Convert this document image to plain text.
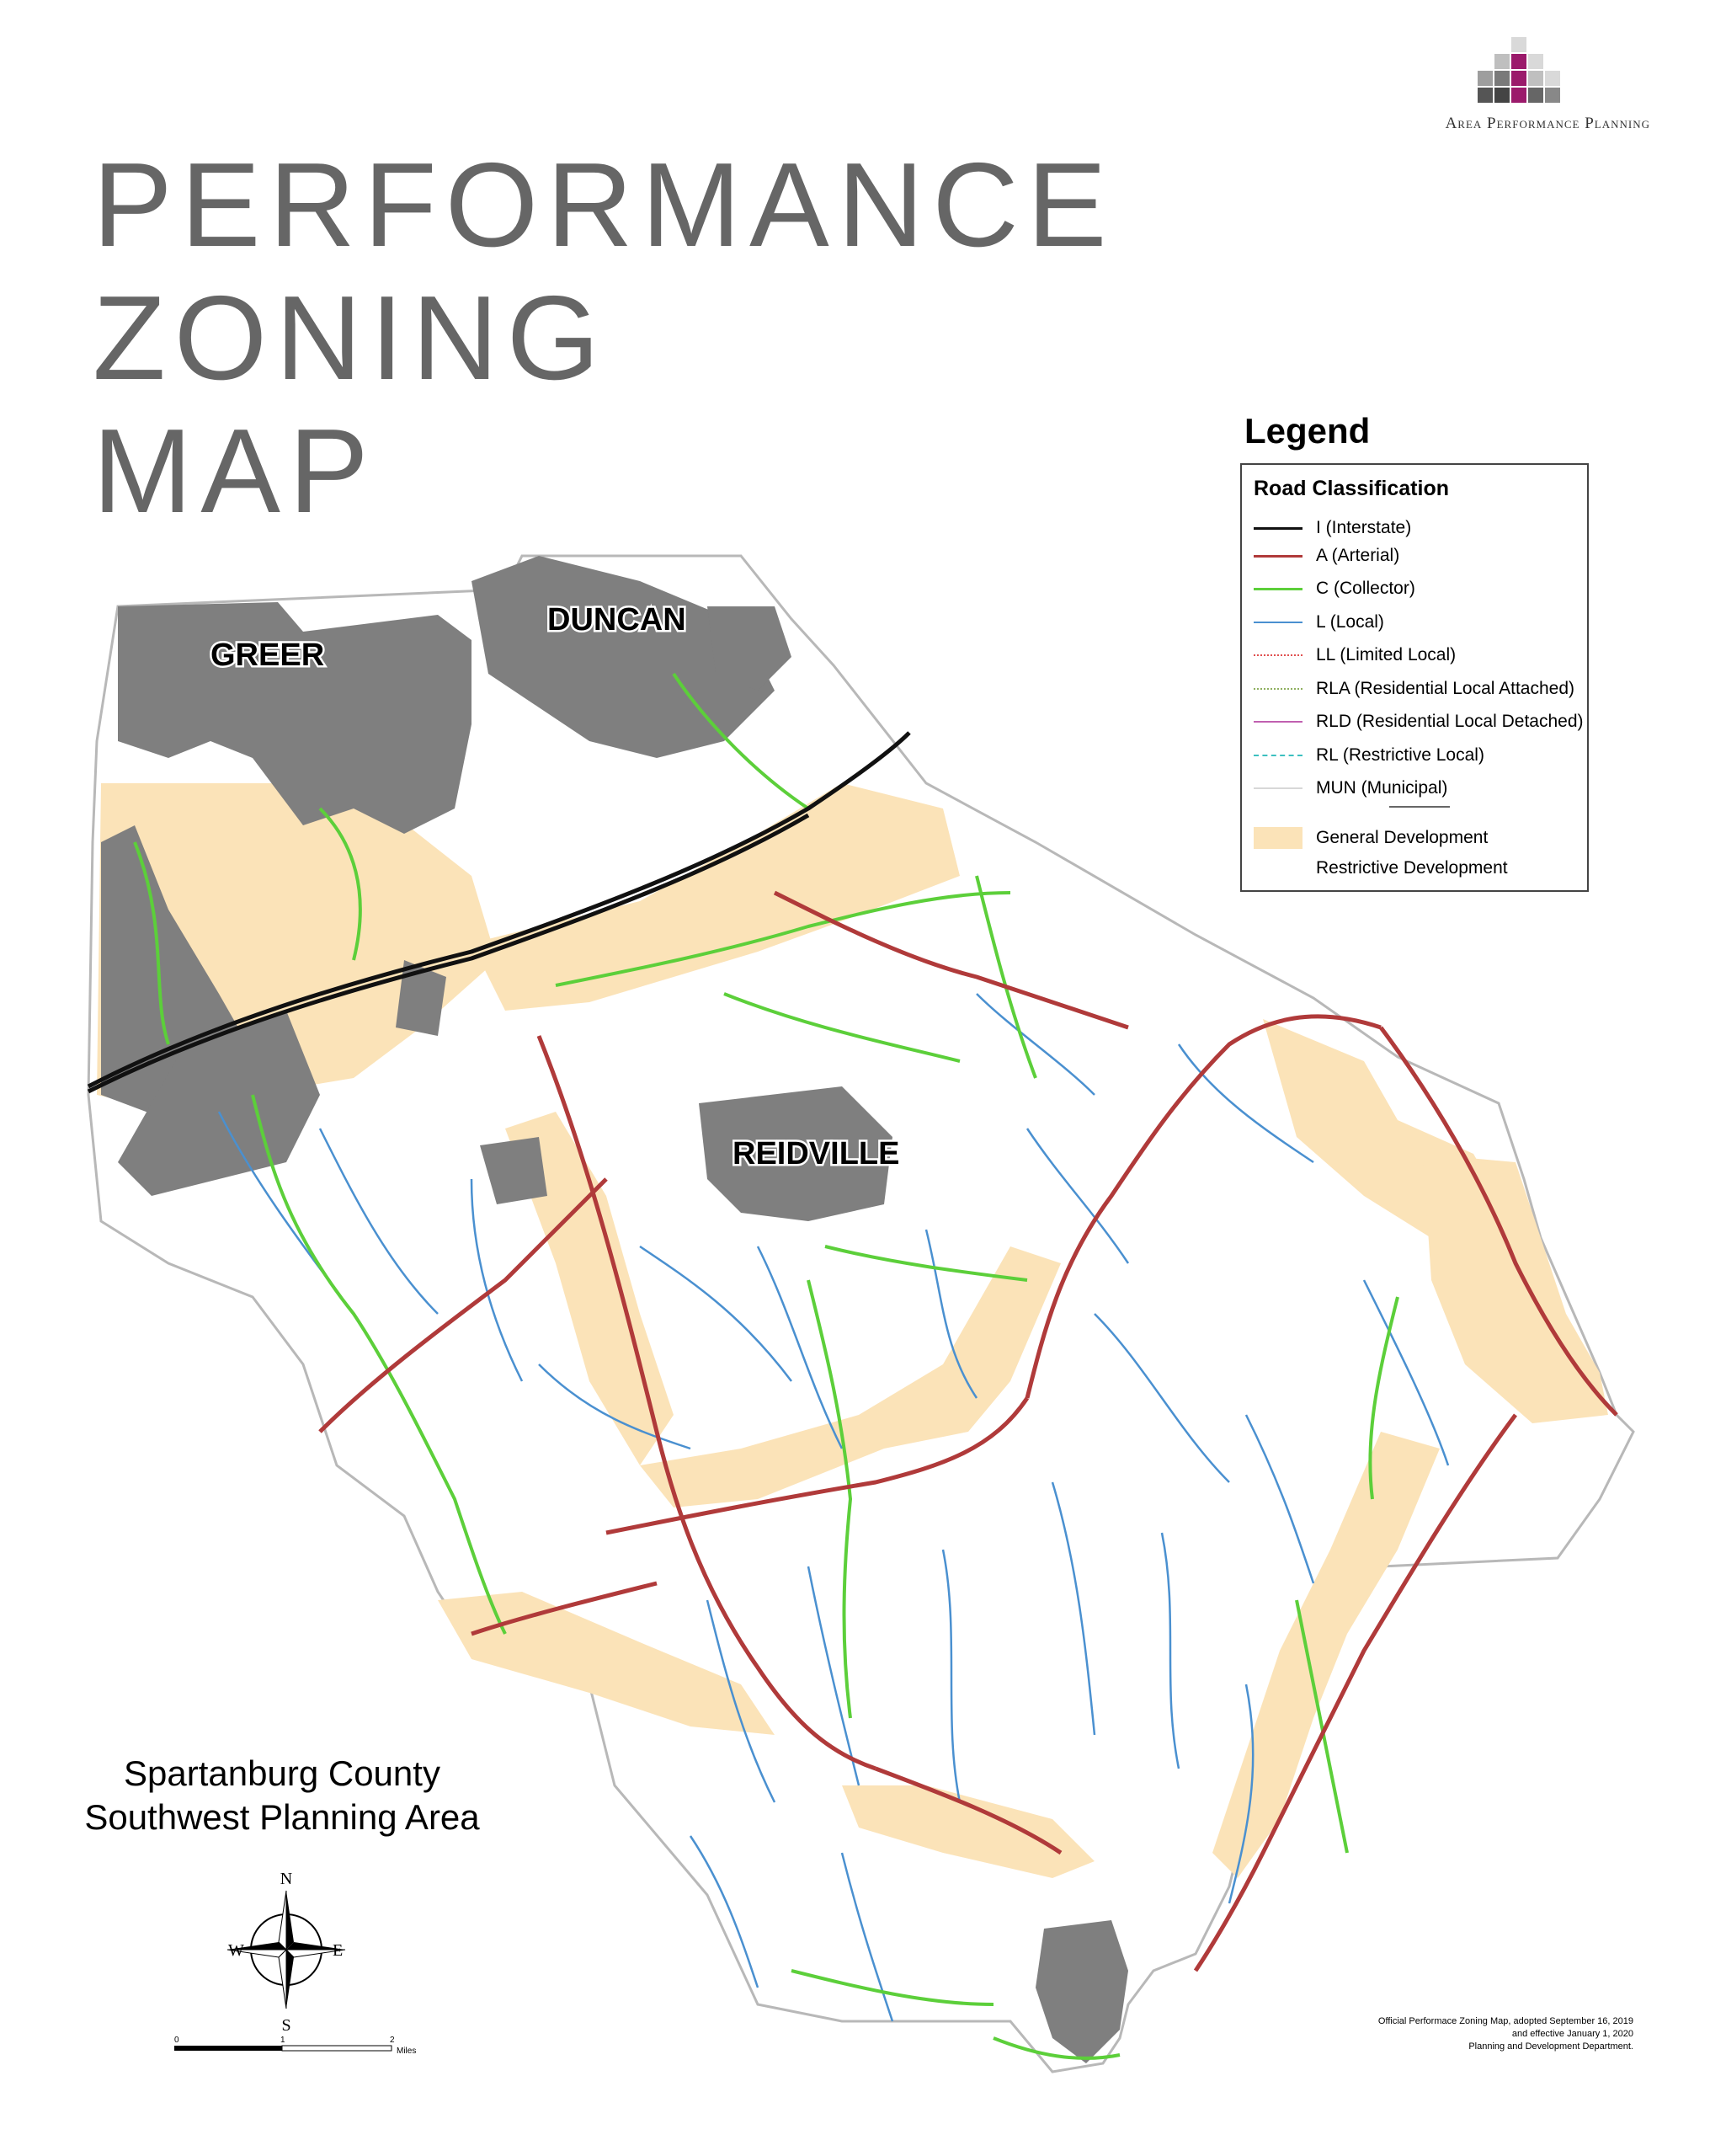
PERFORMANCE
ZONING
MAP
Area Performance Planning
GREER
DUNCAN
REIDVILLE
Legend
Road Classification
I (Interstate)
A (Arterial)
C (Collector)
L (Local)
LL (Limited Local)
RLA (Residential Local Attached)
RLD (Residential Local Detached)
RL (Restrictive Local)
MUN (Municipal)
General Development
Restrictive Development
Spartanburg County
Southwest Planning Area
N
S
W	E
0	1	2
Miles
Official Performace Zoning Map, adopted September 16, 2019
and effective January 1, 2020
Planning and Development Department.
